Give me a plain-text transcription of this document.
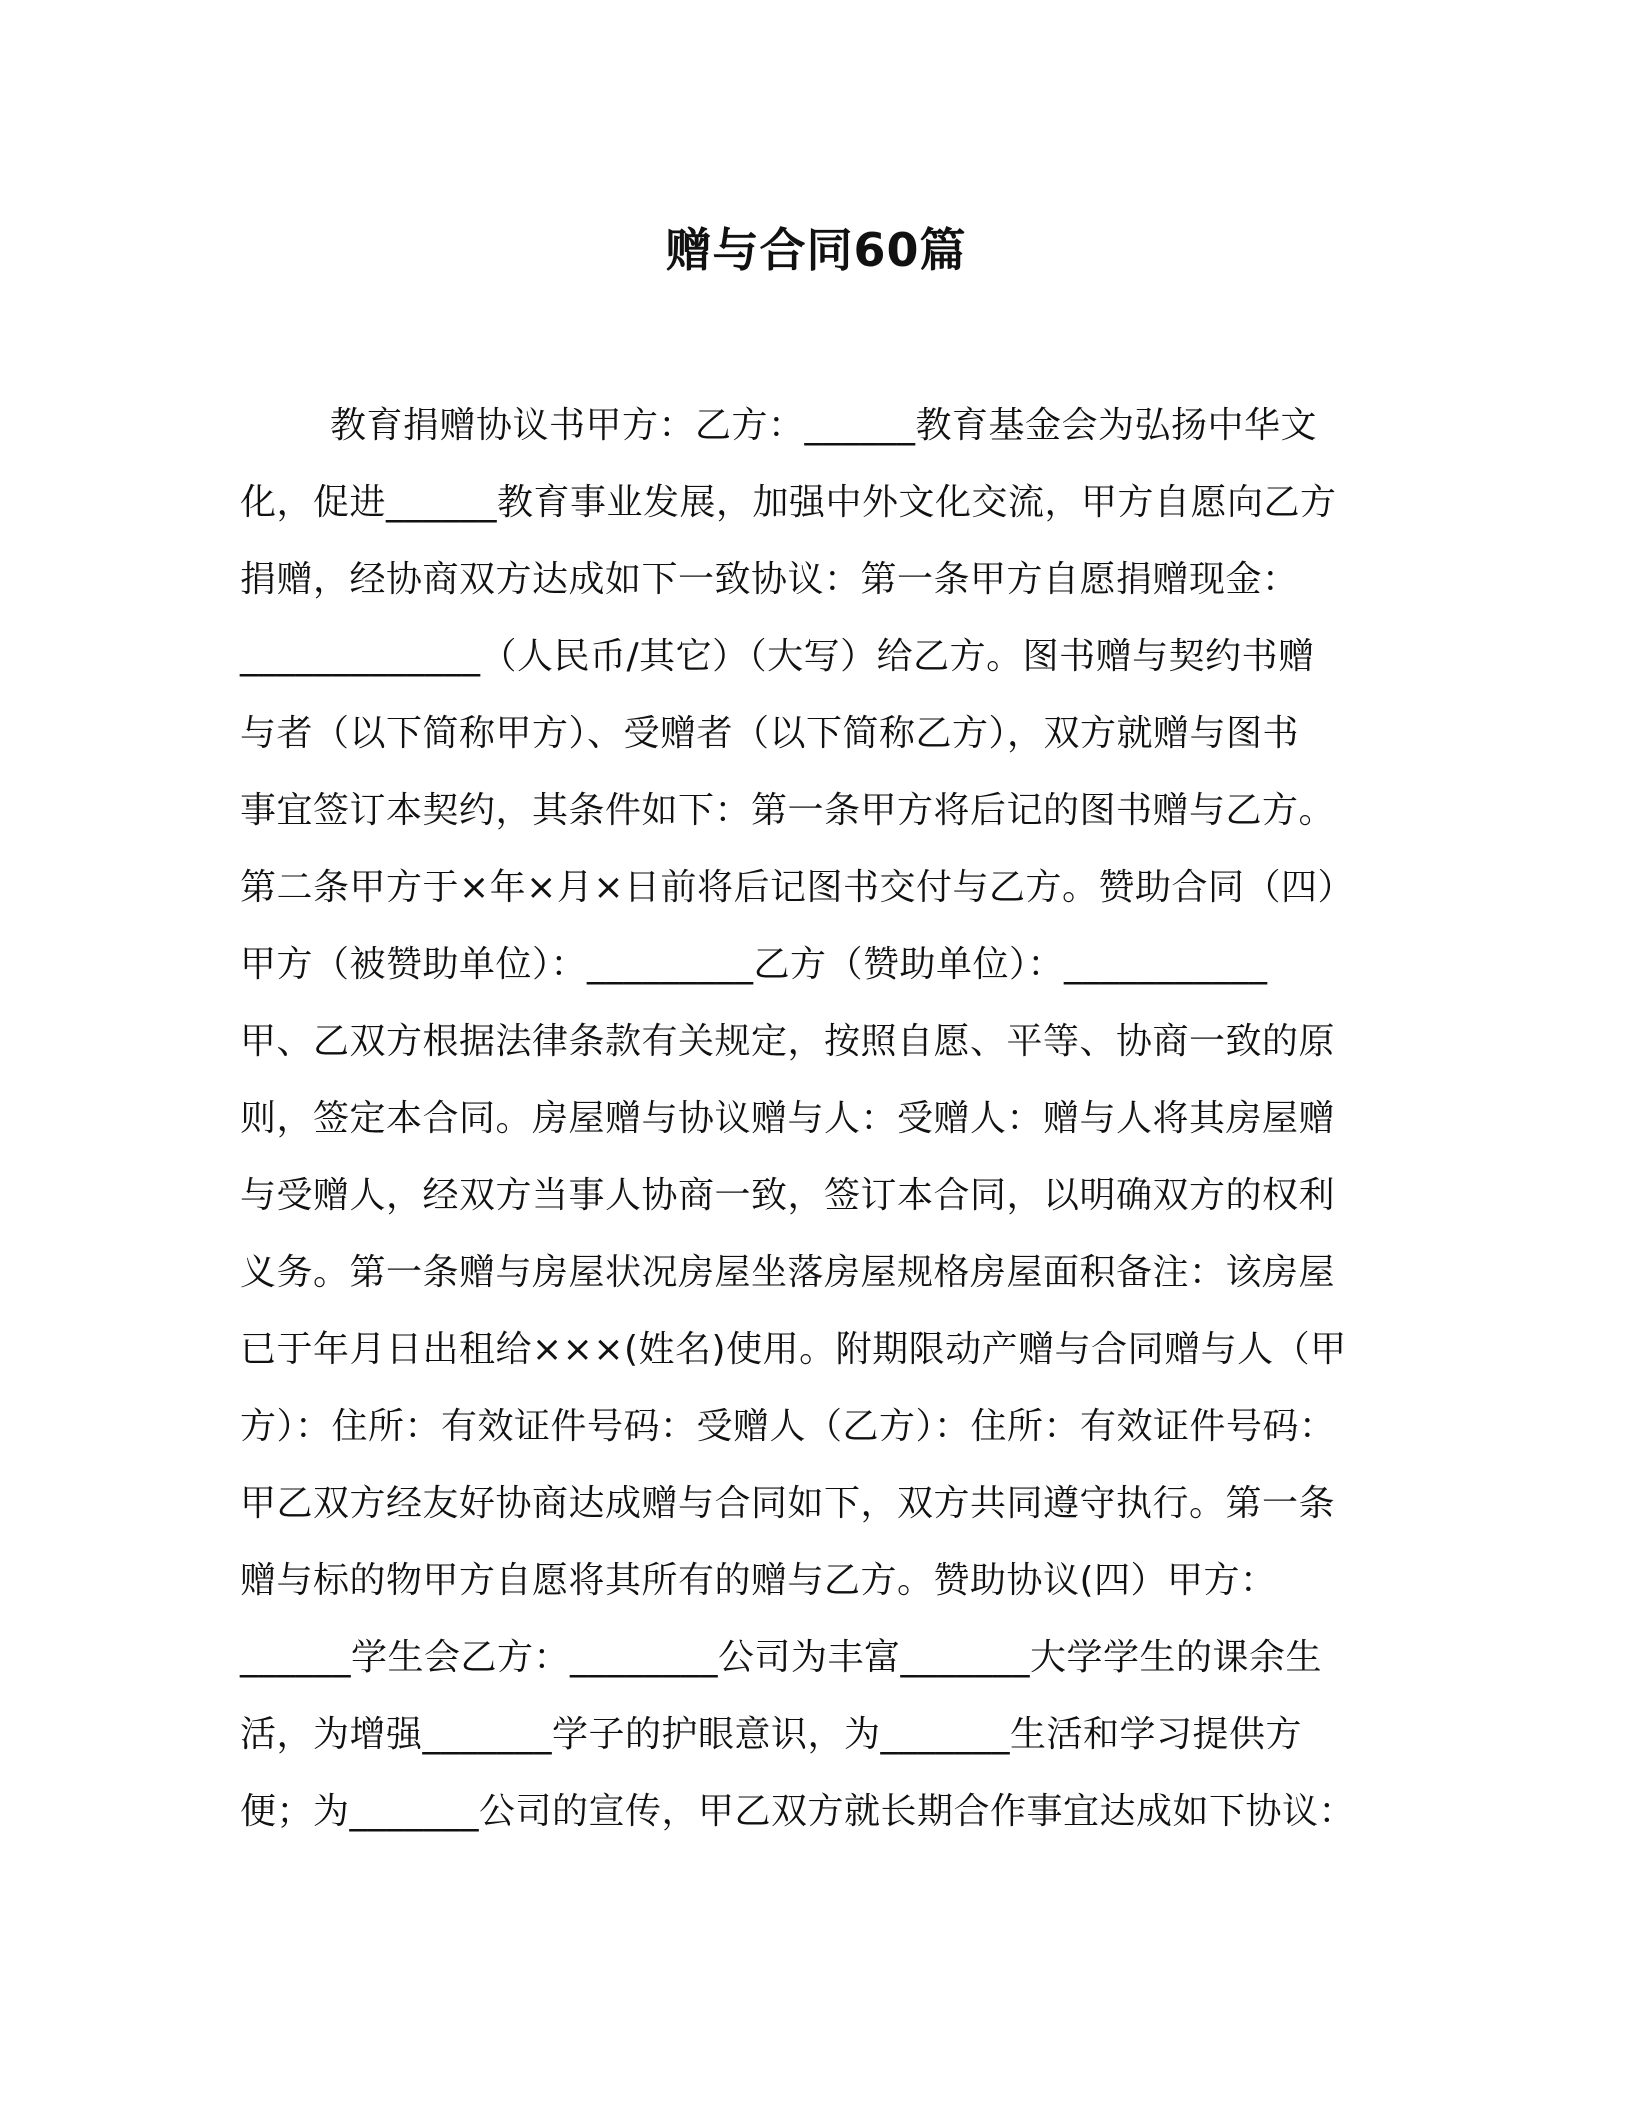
赠与合同60篇
教育捐赠协议书甲方：乙方：______教育基金会为弘扬中华文
化，促进______教育事业发展，加强中外文化交流，甲方自愿向乙方
捐赠，经协商双方达成如下一致协议：第一条甲方自愿捐赠现金：
_____________（人民币/其它）（大写）给乙方。图书赠与契约书赠
与者（以下简称甲方）、受赠者（以下简称乙方），双方就赠与图书
事宜签订本契约，其条件如下：第一条甲方将后记的图书赠与乙方。
第二条甲方于×年×月×日前将后记图书交付与乙方。赞助合同（四）
甲方（被赞助单位）：_________乙方（赞助单位）：___________
甲、乙双方根据法律条款有关规定，按照自愿、平等、协商一致的原
则，签定本合同。房屋赠与协议赠与人：受赠人：赠与人将其房屋赠
与受赠人，经双方当事人协商一致，签订本合同，以明确双方的权利
义务。第一条赠与房屋状况房屋坐落房屋规格房屋面积备注：该房屋
已于年月日出租给×××(姓名)使用。附期限动产赠与合同赠与人（甲
方）：住所：有效证件号码：受赠人（乙方）：住所：有效证件号码：
甲乙双方经友好协商达成赠与合同如下，双方共同遵守执行。第一条
赠与标的物甲方自愿将其所有的赠与乙方。赞助协议(四）甲方：
______学生会乙方：________公司为丰富_______大学学生的课余生
活，为增强_______学子的护眼意识，为_______生活和学习提供方
便；为_______公司的宣传，甲乙双方就长期合作事宜达成如下协议：
